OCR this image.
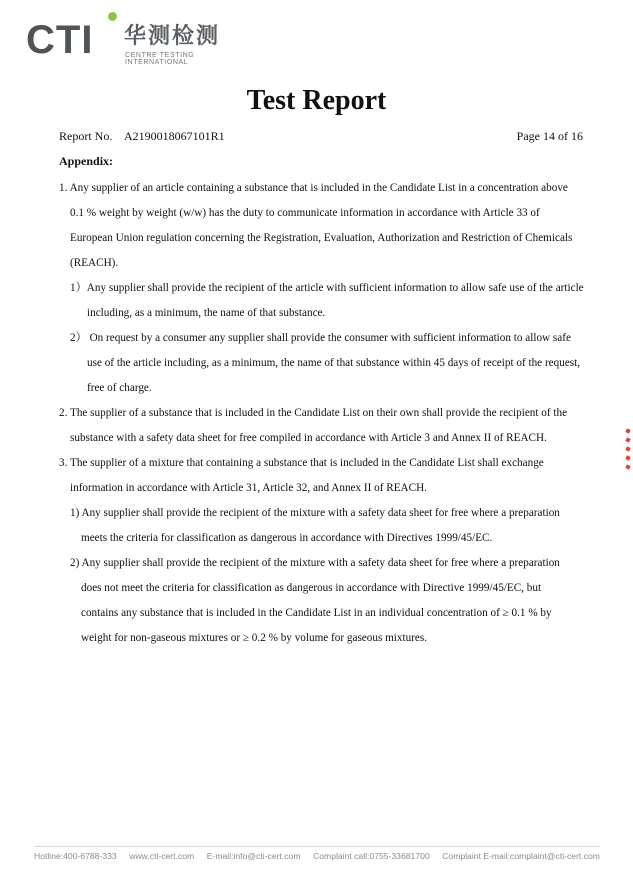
CTI 华测检测
CENTRE TESTING INTERNATIONAL
Test Report
Report No. A2190018067101R1	Page 14 of 16
Appendix:
1. Any supplier of an article containing a substance that is included in the Candidate List in a concentration above
0.1 % weight by weight (w/w) has the duty to communicate information in accordance with Article 33 of
European Union regulation concerning the Registration, Evaluation, Authorization and Restriction of Chemicals
(REACH).
1）Any supplier shall provide the recipient of the article with sufficient information to allow safe use of the article
including, as a minimum, the name of that substance.
2） On request by a consumer any supplier shall provide the consumer with sufficient information to allow safe
use of the article including, as a minimum, the name of that substance within 45 days of receipt of the request,
free of charge.
2. The supplier of a substance that is included in the Candidate List on their own shall provide the recipient of the
substance with a safety data sheet for free compiled in accordance with Article 3 and Annex II of REACH.
3. The supplier of a mixture that containing a substance that is included in the Candidate List shall exchange
information in accordance with Article 31, Article 32, and Annex II of REACH.
1) Any supplier shall provide the recipient of the mixture with a safety data sheet for free where a preparation
meets the criteria for classification as dangerous in accordance with Directives 1999/45/EC.
2) Any supplier shall provide the recipient of the mixture with a safety data sheet for free where a preparation
does not meet the criteria for classification as dangerous in accordance with Directive 1999/45/EC, but
contains any substance that is included in the Candidate List in an individual concentration of ≥ 0.1 % by
weight for non-gaseous mixtures or ≥ 0.2 % by volume for gaseous mixtures.
Hotline:400-6788-333 www.cti-cert.com E-mail:info@cti-cert.com Complaint call:0755-33681700 Complaint E-mail:complaint@cti-cert.com
